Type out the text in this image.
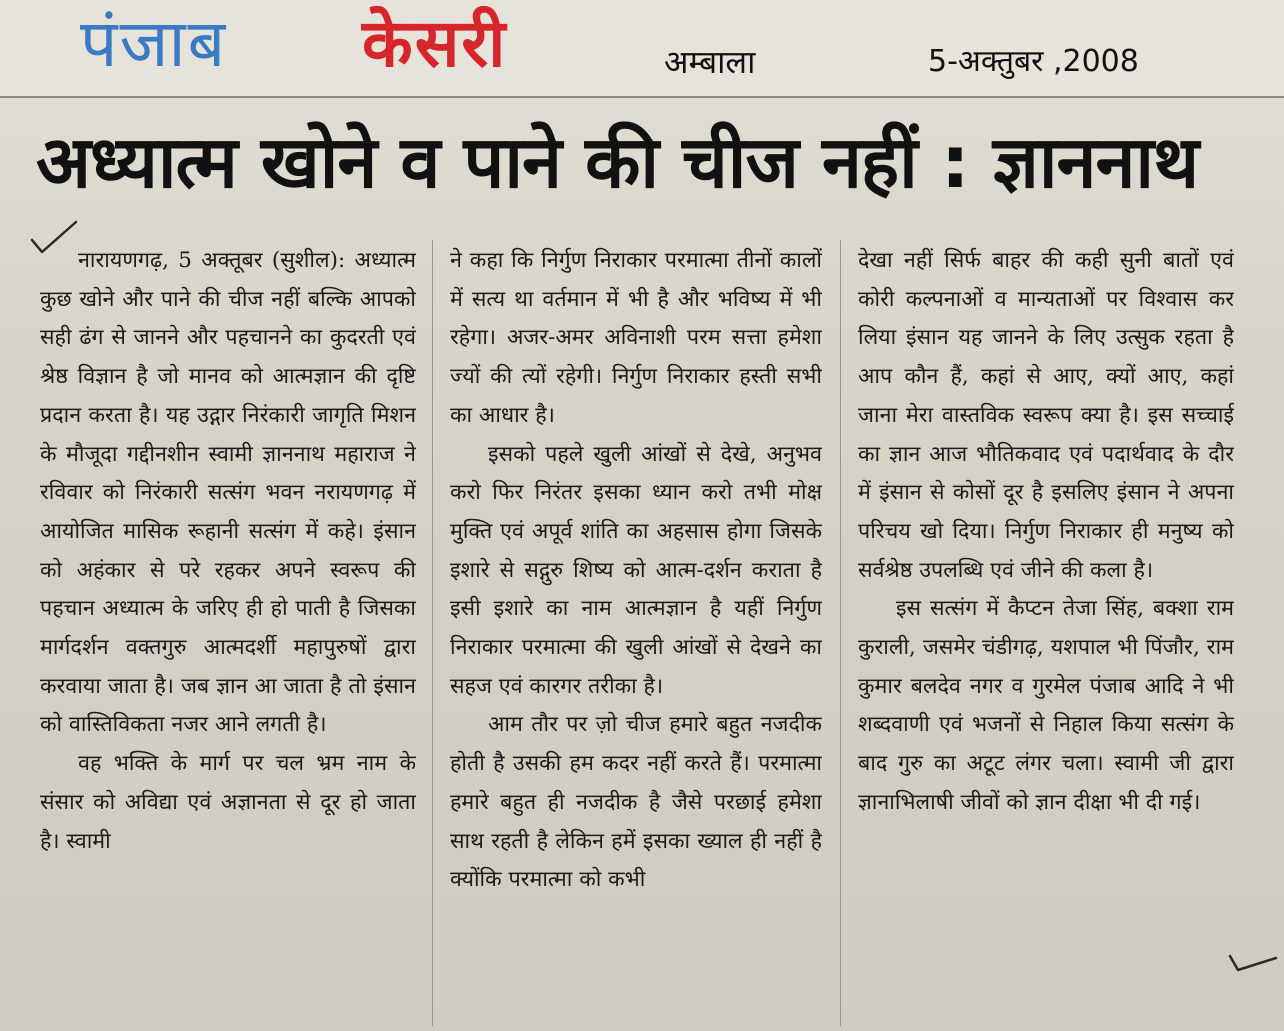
पंजाब केसरी	अम्बाला	5-अक्तुबर ,2008
अध्यात्म खोने व पाने की चीज नहीं : ज्ञाननाथ

नारायणगढ़, 5 अक्तूबर (सुशील): अध्यात्म कुछ खोने और पाने की चीज नहीं बल्कि आपको सही ढंग से जानने और पहचानने का कुदरती एवं श्रेष्ठ विज्ञान है जो मानव को आत्मज्ञान की दृष्टि प्रदान करता है। यह उद्गार निरंकारी जागृति मिशन के मौजूदा गद्दीनशीन स्वामी ज्ञाननाथ महाराज ने रविवार को निरंकारी सत्संग भवन नरायणगढ़ में आयोजित मासिक रूहानी सत्संग में कहे। इंसान को अहंकार से परे रहकर अपने स्वरूप की पहचान अध्यात्म के जरिए ही हो पाती है जिसका मार्गदर्शन वक्तगुरु आत्मदर्शी महापुरुषों द्वारा करवाया जाता है। जब ज्ञान आ जाता है तो इंसान को वास्तिविकता नजर आने लगती है।

वह भक्ति के मार्ग पर चल भ्रम नाम के संसार को अविद्या एवं अज्ञानता से दूर हो जाता है। स्वामी

ने कहा कि निर्गुण निराकार परमात्मा तीनों कालों में सत्य था वर्तमान में भी है और भविष्य में भी रहेगा। अजर-अमर अविनाशी परम सत्ता हमेशा ज्यों की त्यों रहेगी। निर्गुण निराकार हस्ती सभी का आधार है।

इसको पहले खुली आंखों से देखे, अनुभव करो फिर निरंतर इसका ध्यान करो तभी मोक्ष मुक्ति एवं अपूर्व शांति का अहसास होगा जिसके इशारे से सद्गुरु शिष्य को आत्म-दर्शन कराता है इसी इशारे का नाम आत्मज्ञान है यहीं निर्गुण निराकार परमात्मा की खुली आंखों से देखने का सहज एवं कारगर तरीका है।

आम तौर पर ज़ो चीज हमारे बहुत नजदीक होती है उसकी हम कदर नहीं करते हैं। परमात्मा हमारे बहुत ही नजदीक है जैसे परछाई हमेशा साथ रहती है लेकिन हमें इसका ख्याल ही नहीं है क्योंकि परमात्मा को कभी

देखा नहीं सिर्फ बाहर की कही सुनी बातों एवं कोरी कल्पनाओं व मान्यताओं पर विश्वास कर लिया इंसान यह जानने के लिए उत्सुक रहता है आप कौन हैं, कहां से आए, क्यों आए, कहां जाना मेरा वास्तविक स्वरूप क्या है। इस सच्चाई का ज्ञान आज भौतिकवाद एवं पदार्थवाद के दौर में इंसान से कोसों दूर है इसलिए इंसान ने अपना परिचय खो दिया। निर्गुण निराकार ही मनुष्य को सर्वश्रेष्ठ उपलब्धि एवं जीने की कला है।

इस सत्संग में कैप्टन तेजा सिंह, बक्शा राम कुराली, जसमेर चंडीगढ़, यशपाल भी पिंजौर, राम कुमार बलदेव नगर व गुरमेल पंजाब आदि ने भी शब्दवाणी एवं भजनों से निहाल किया सत्संग के बाद गुरु का अटूट लंगर चला। स्वामी जी द्वारा ज्ञानाभिलाषी जीवों को ज्ञान दीक्षा भी दी गई।
